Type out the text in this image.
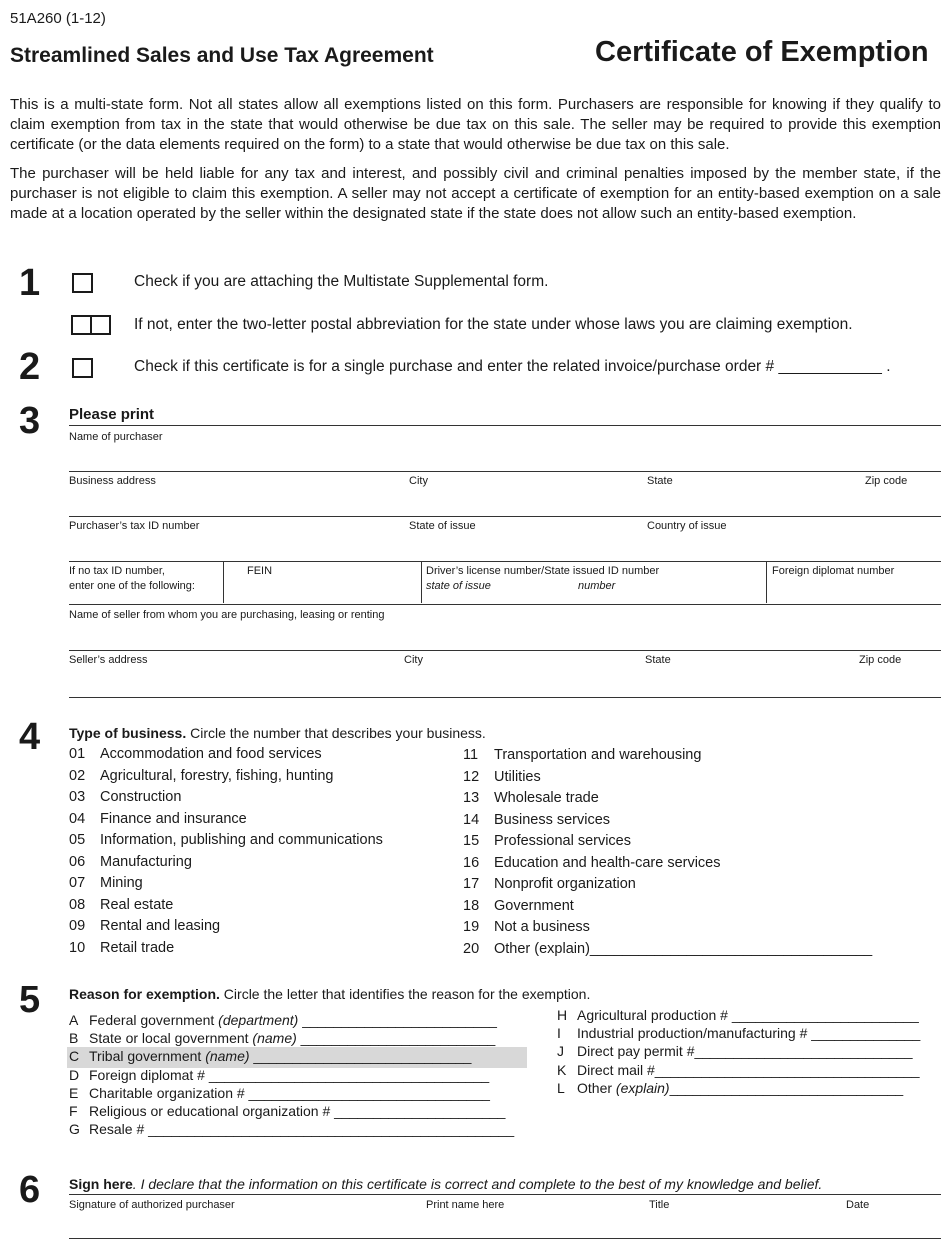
51A260 (1-12)
Streamlined Sales and Use Tax Agreement	Certificate of Exemption
This is a multi-state form. Not all states allow all exemptions listed on this form. Purchasers are responsible for knowing if they qualify to claim exemption from tax in the state that would otherwise be due tax on this sale. The seller may be required to provide this exemption certificate (or the data elements required on the form) to a state that would otherwise be due tax on this sale.
The purchaser will be held liable for any tax and interest, and possibly civil and criminal penalties imposed by the member state, if the purchaser is not eligible to claim this exemption. A seller may not accept a certificate of exemption for an entity-based exemption on a sale made at a location operated by the seller within the designated state if the state does not allow such an entity-based exemption.
1	Check if you are attaching the Multistate Supplemental form.
If not, enter the two-letter postal abbreviation for the state under whose laws you are claiming exemption.
2	Check if this certificate is for a single purchase and enter the related invoice/purchase order # ____________ .
3 Please print
Name of purchaser
Business address	City	State	Zip code
Purchaser’s tax ID number	State of issue	Country of issue
If no tax ID number,
enter one of the following:
FEIN	Driver’s license number/State issued ID number
state of issue	number
Foreign diplomat number
Name of seller from whom you are purchasing, leasing or renting
Seller’s address	City	State	Zip code
4 Type of business. Circle the number that describes your business.
01 Accommodation and food services
02 Agricultural, forestry, fishing, hunting
03 Construction
04 Finance and insurance
05 Information, publishing and communications
06 Manufacturing
07 Mining
08 Real estate
09 Rental and leasing
10 Retail trade
11 Transportation and warehousing
12 Utilities
13 Wholesale trade
14 Business services
15 Professional services
16 Education and health-care services
17 Nonprofit organization
18 Government
19 Not a business
20 Other (explain)___________________________________
5 Reason for exemption. Circle the letter that identifies the reason for the exemption.
A Federal government (department) _________________________
B State or local government (name) _________________________
C Tribal government (name) ____________________________
D Foreign diplomat # ____________________________________
E Charitable organization # _______________________________
F Religious or educational organization # ______________________
G Resale # _______________________________________________
H Agricultural production # ________________________
I Industrial production/manufacturing # ______________
J Direct pay permit #____________________________
K Direct mail #__________________________________
L Other (explain)______________________________
6 Sign here. I declare that the information on this certificate is correct and complete to the best of my knowledge and belief.
Signature of authorized purchaser	Print name here	Title	Date
